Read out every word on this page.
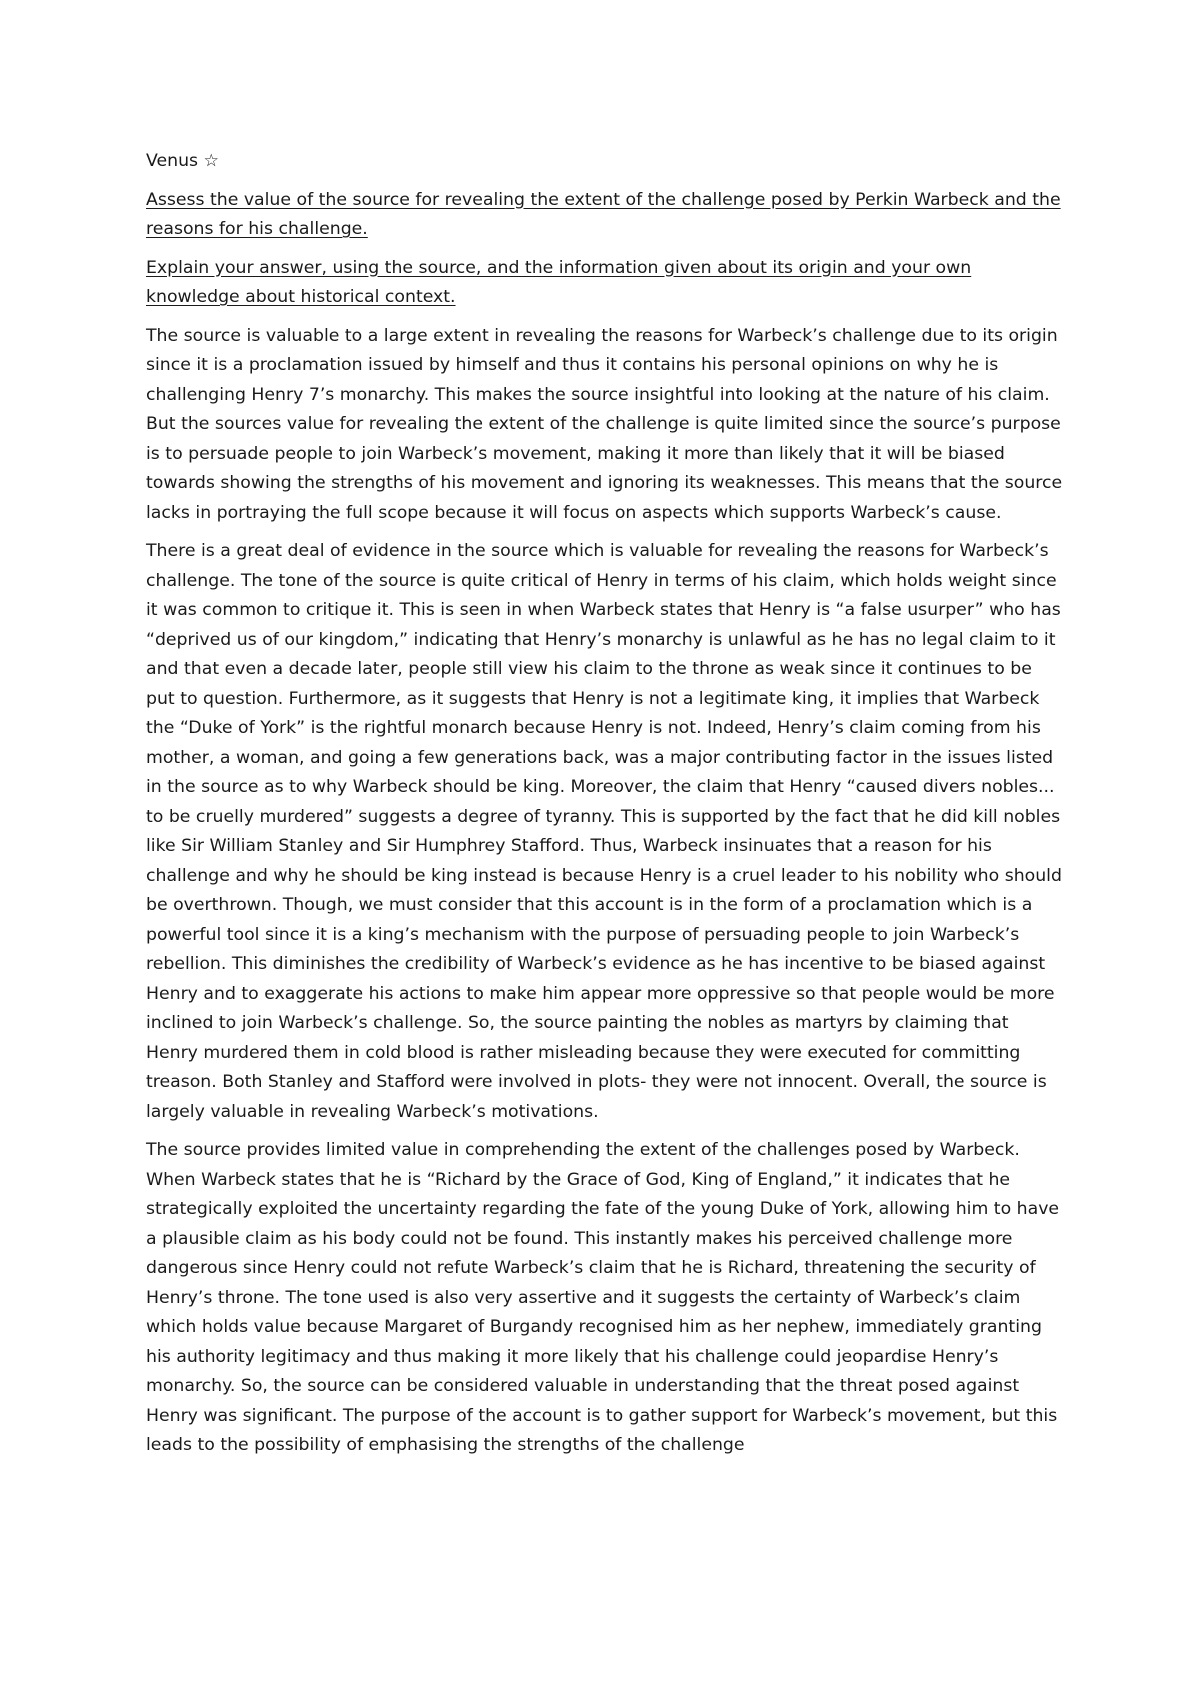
Venus ☆

Assess the value of the source for revealing the extent of the challenge posed by Perkin Warbeck and the reasons for his challenge.

Explain your answer, using the source, and the information given about its origin and your own knowledge about historical context.

The source is valuable to a large extent in revealing the reasons for Warbeck’s challenge due to its origin since it is a proclamation issued by himself and thus it contains his personal opinions on why he is challenging Henry 7’s monarchy. This makes the source insightful into looking at the nature of his claim. But the sources value for revealing the extent of the challenge is quite limited since the source’s purpose is to persuade people to join Warbeck’s movement, making it more than likely that it will be biased towards showing the strengths of his movement and ignoring its weaknesses. This means that the source lacks in portraying the full scope because it will focus on aspects which supports Warbeck’s cause.

There is a great deal of evidence in the source which is valuable for revealing the reasons for Warbeck’s challenge. The tone of the source is quite critical of Henry in terms of his claim, which holds weight since it was common to critique it. This is seen in when Warbeck states that Henry is “a false usurper” who has “deprived us of our kingdom,” indicating that Henry’s monarchy is unlawful as he has no legal claim to it and that even a decade later, people still view his claim to the throne as weak since it continues to be put to question. Furthermore, as it suggests that Henry is not a legitimate king, it implies that Warbeck the “Duke of York” is the rightful monarch because Henry is not. Indeed, Henry’s claim coming from his mother, a woman, and going a few generations back, was a major contributing factor in the issues listed in the source as to why Warbeck should be king. Moreover, the claim that Henry “caused divers nobles... to be cruelly murdered” suggests a degree of tyranny. This is supported by the fact that he did kill nobles like Sir William Stanley and Sir Humphrey Stafford. Thus, Warbeck insinuates that a reason for his challenge and why he should be king instead is because Henry is a cruel leader to his nobility who should be overthrown. Though, we must consider that this account is in the form of a proclamation which is a powerful tool since it is a king’s mechanism with the purpose of persuading people to join Warbeck’s rebellion. This diminishes the credibility of Warbeck’s evidence as he has incentive to be biased against Henry and to exaggerate his actions to make him appear more oppressive so that people would be more inclined to join Warbeck’s challenge. So, the source painting the nobles as martyrs by claiming that Henry murdered them in cold blood is rather misleading because they were executed for committing treason. Both Stanley and Stafford were involved in plots- they were not innocent. Overall, the source is largely valuable in revealing Warbeck’s motivations.

The source provides limited value in comprehending the extent of the challenges posed by Warbeck. When Warbeck states that he is “Richard by the Grace of God, King of England,” it indicates that he strategically exploited the uncertainty regarding the fate of the young Duke of York, allowing him to have a plausible claim as his body could not be found. This instantly makes his perceived challenge more dangerous since Henry could not refute Warbeck’s claim that he is Richard, threatening the security of Henry’s throne. The tone used is also very assertive and it suggests the certainty of Warbeck’s claim which holds value because Margaret of Burgandy recognised him as her nephew, immediately granting his authority legitimacy and thus making it more likely that his challenge could jeopardise Henry’s monarchy. So, the source can be considered valuable in understanding that the threat posed against Henry was significant. The purpose of the account is to gather support for Warbeck’s movement, but this leads to the possibility of emphasising the strengths of the challenge
